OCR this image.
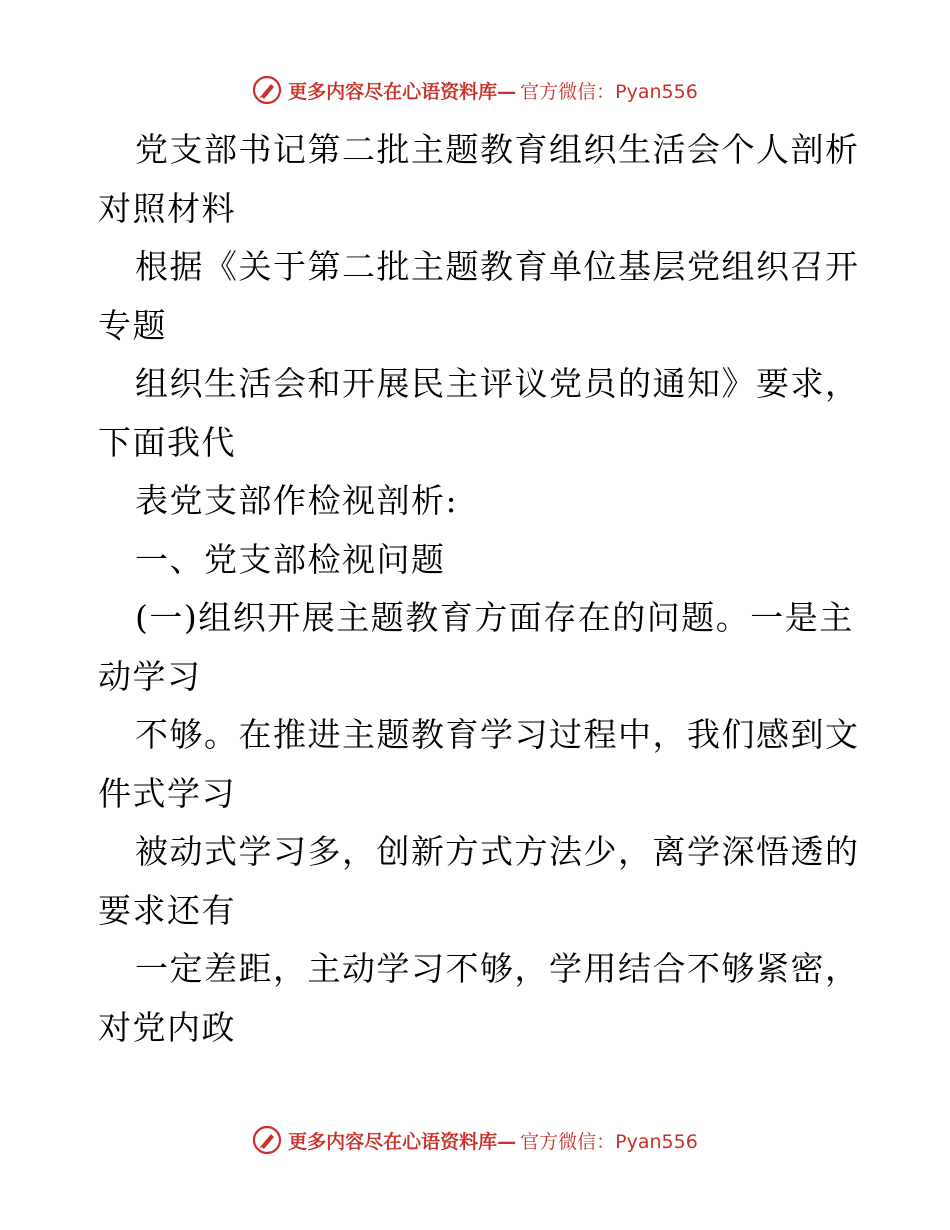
更多内容尽在心语资料库— 官方微信：Pyan556
党支部书记第二批主题教育组织生活会个人剖析
对照材料
根据《关于第二批主题教育单位基层党组织召开
专题
组织生活会和开展民主评议党员的通知》要求，
下面我代
表党支部作检视剖析:
一、党支部检视问题
(一)组织开展主题教育方面存在的问题。一是主
动学习
不够。在推进主题教育学习过程中，我们感到文
件式学习
被动式学习多，创新方式方法少，离学深悟透的
要求还有
一定差距，主动学习不够，学用结合不够紧密，
对党内政
更多内容尽在心语资料库— 官方微信：Pyan556
